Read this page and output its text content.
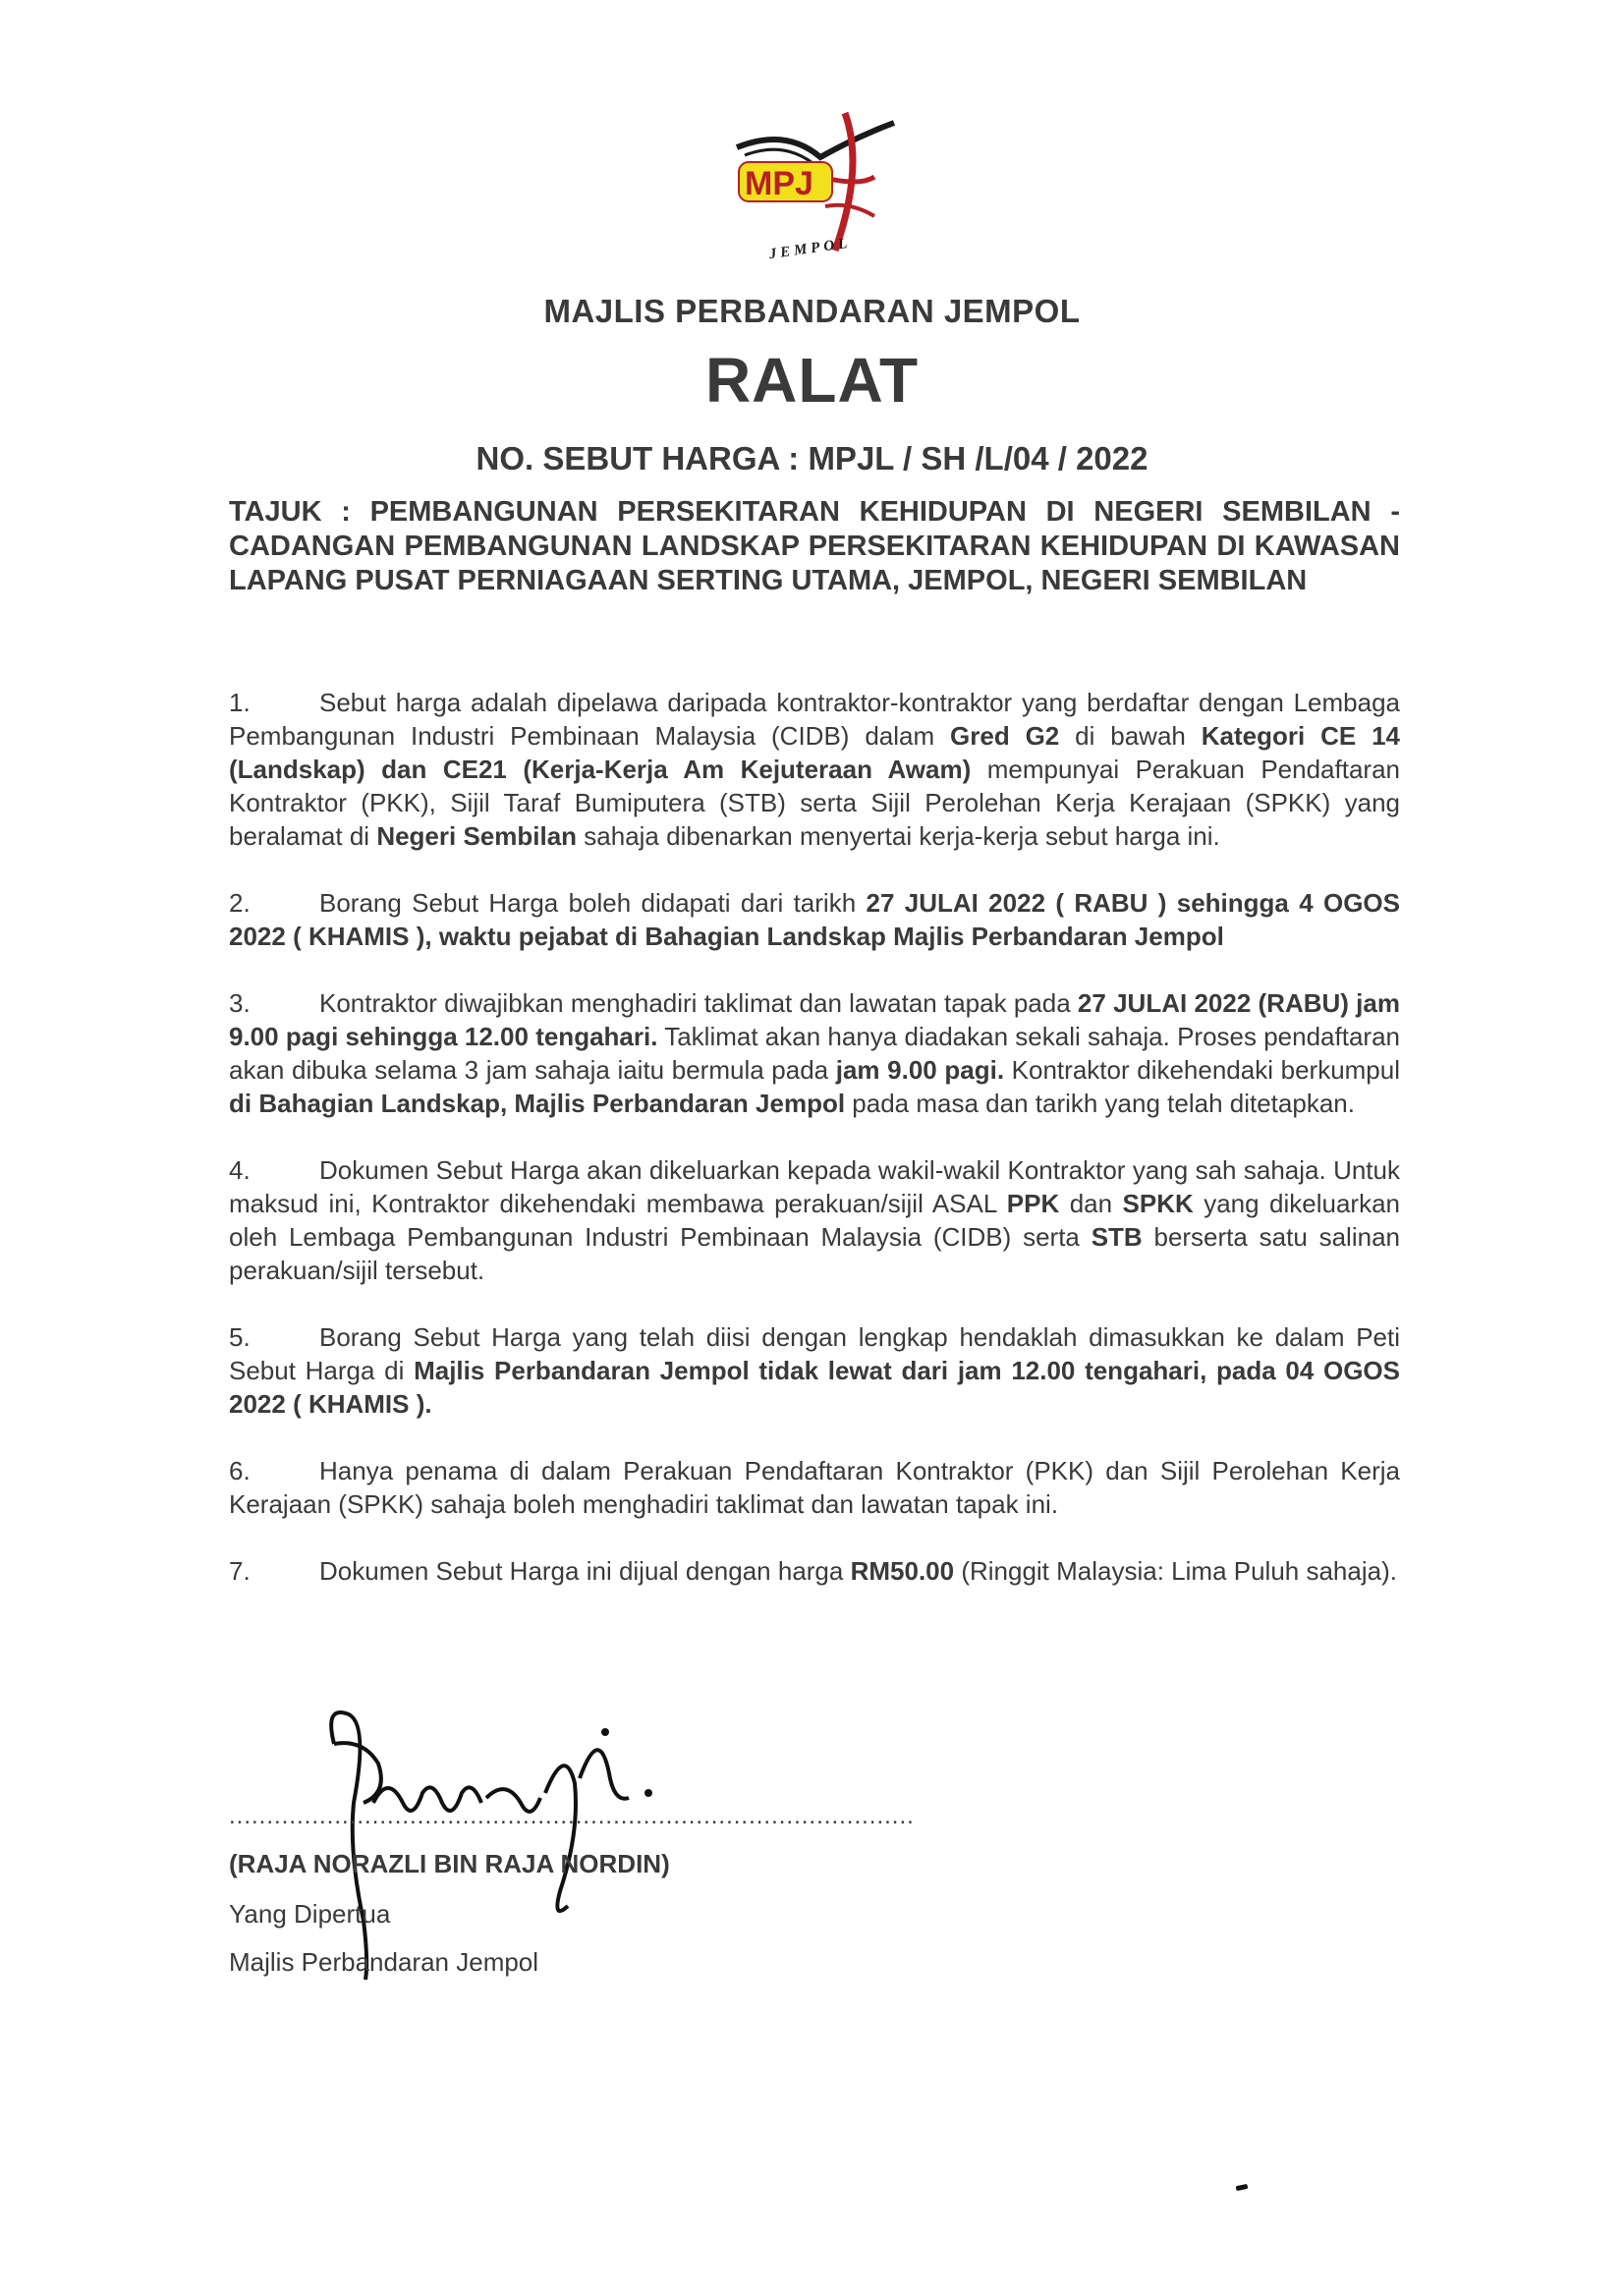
MPJ
JEMPOL
MAJLIS PERBANDARAN JEMPOL
RALAT
NO. SEBUT HARGA : MPJL / SH /L/04 / 2022
TAJUK : PEMBANGUNAN PERSEKITARAN KEHIDUPAN DI NEGERI SEMBILAN - CADANGAN PEMBANGUNAN LANDSKAP PERSEKITARAN KEHIDUPAN DI KAWASAN LAPANG PUSAT PERNIAGAAN SERTING UTAMA, JEMPOL, NEGERI SEMBILAN
1.	Sebut harga adalah dipelawa daripada kontraktor-kontraktor yang berdaftar dengan Lembaga Pembangunan Industri Pembinaan Malaysia (CIDB) dalam Gred G2 di bawah Kategori CE 14 (Landskap) dan CE21 (Kerja-Kerja Am Kejuteraan Awam) mempunyai Perakuan Pendaftaran Kontraktor (PKK), Sijil Taraf Bumiputera (STB) serta Sijil Perolehan Kerja Kerajaan (SPKK) yang beralamat di Negeri Sembilan sahaja dibenarkan menyertai kerja-kerja sebut harga ini.
2.	Borang Sebut Harga boleh didapati dari tarikh 27 JULAI 2022 ( RABU ) sehingga 4 OGOS 2022 ( KHAMIS ), waktu pejabat di Bahagian Landskap Majlis Perbandaran Jempol
3.	Kontraktor diwajibkan menghadiri taklimat dan lawatan tapak pada 27 JULAI 2022 (RABU) jam 9.00 pagi sehingga 12.00 tengahari. Taklimat akan hanya diadakan sekali sahaja. Proses pendaftaran akan dibuka selama 3 jam sahaja iaitu bermula pada jam 9.00 pagi. Kontraktor dikehendaki berkumpul di Bahagian Landskap, Majlis Perbandaran Jempol pada masa dan tarikh yang telah ditetapkan.
4.	Dokumen Sebut Harga akan dikeluarkan kepada wakil-wakil Kontraktor yang sah sahaja. Untuk maksud ini, Kontraktor dikehendaki membawa perakuan/sijil ASAL PPK dan SPKK yang dikeluarkan oleh Lembaga Pembangunan Industri Pembinaan Malaysia (CIDB) serta STB berserta satu salinan perakuan/sijil tersebut.
5.	Borang Sebut Harga yang telah diisi dengan lengkap hendaklah dimasukkan ke dalam Peti Sebut Harga di Majlis Perbandaran Jempol tidak lewat dari jam 12.00 tengahari, pada 04 OGOS 2022 ( KHAMIS ).
6.	Hanya penama di dalam Perakuan Pendaftaran Kontraktor (PKK) dan Sijil Perolehan Kerja Kerajaan (SPKK) sahaja boleh menghadiri taklimat dan lawatan tapak ini.
7.	Dokumen Sebut Harga ini dijual dengan harga RM50.00 (Ringgit Malaysia: Lima Puluh sahaja).
...........................................................................................
(RAJA NORAZLI BIN RAJA NORDIN)
Yang Dipertua
Majlis Perbandaran Jempol
